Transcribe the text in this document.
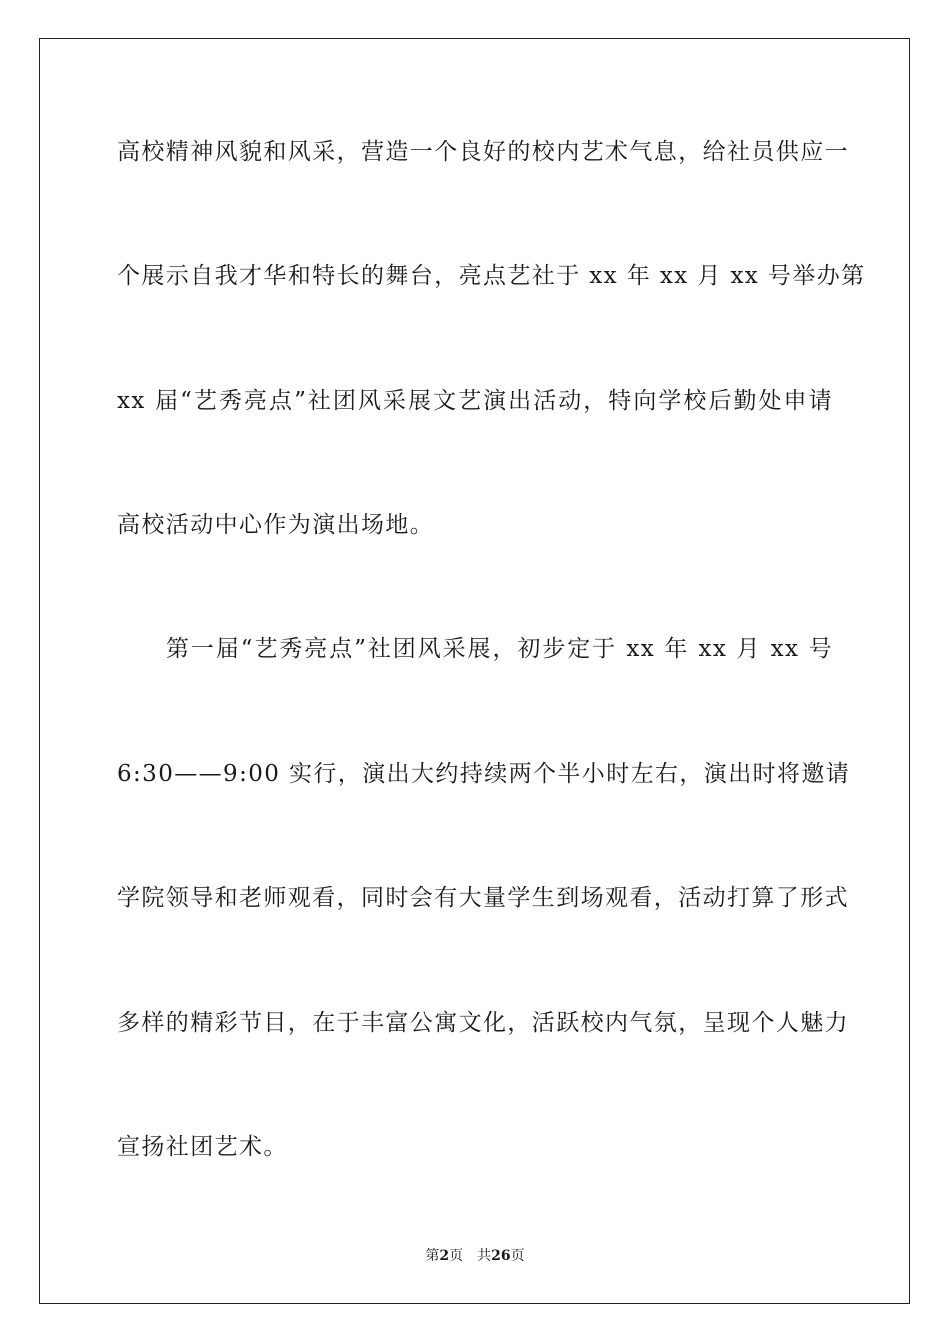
高校精神风貌和风采，营造一个良好的校内艺术气息，给社员供应一
个展示自我才华和特长的舞台，亮点艺社于 xx 年 xx 月 xx 号举办第
xx 届“艺秀亮点”社团风采展文艺演出活动，特向学校后勤处申请
高校活动中心作为演出场地。
第一届“艺秀亮点”社团风采展，初步定于 xx 年 xx 月 xx 号
6:30——9:00 实行，演出大约持续两个半小时左右，演出时将邀请
学院领导和老师观看，同时会有大量学生到场观看，活动打算了形式
多样的精彩节目，在于丰富公寓文化，活跃校内气氛，呈现个人魅力
宣扬社团艺术。
第2页 共26页
